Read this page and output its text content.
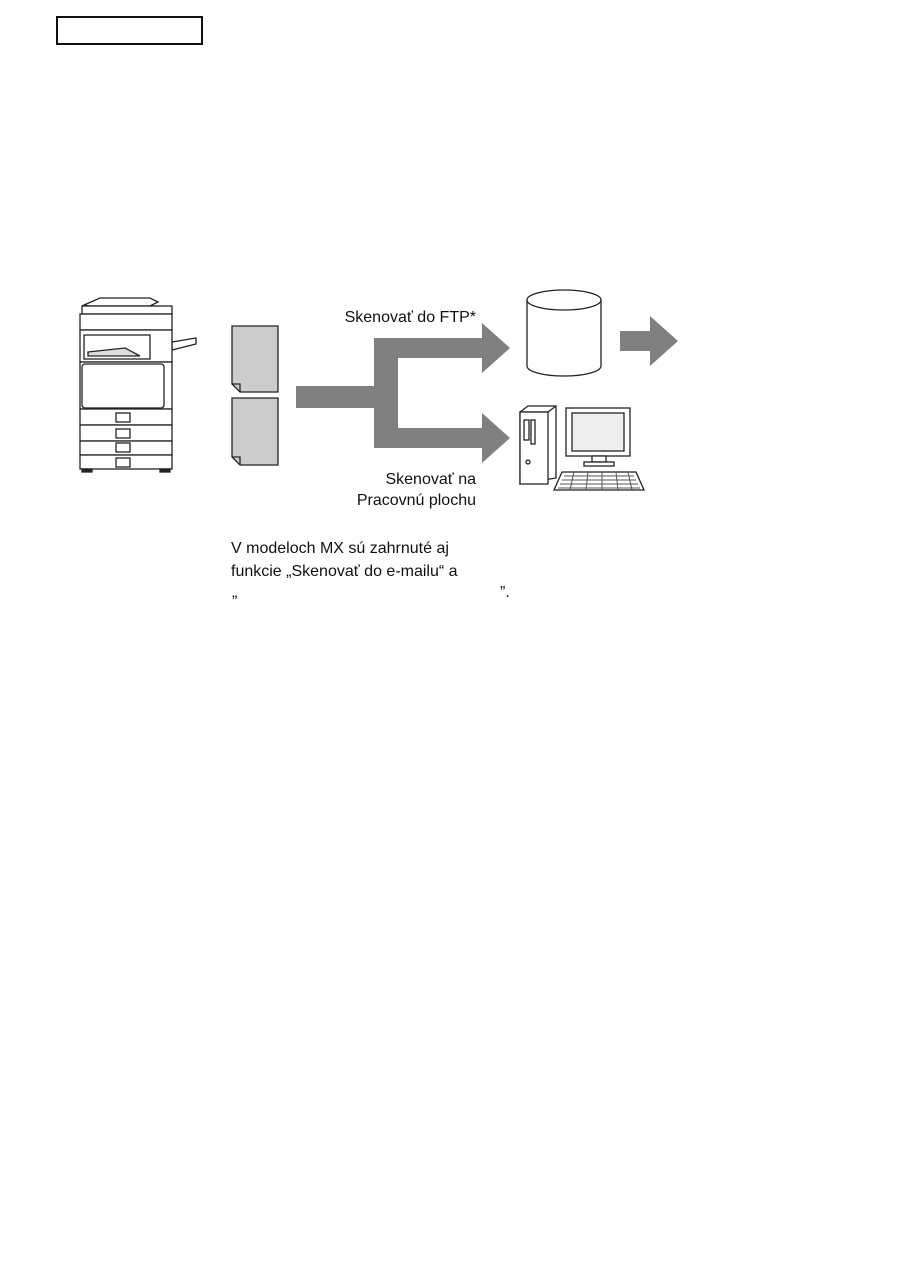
Skenovať do FTP*
Skenovať na
Pracovnú plochu
V modeloch MX sú zahrnuté aj
funkcie „Skenovať do e-mailu“ a
„	”.
